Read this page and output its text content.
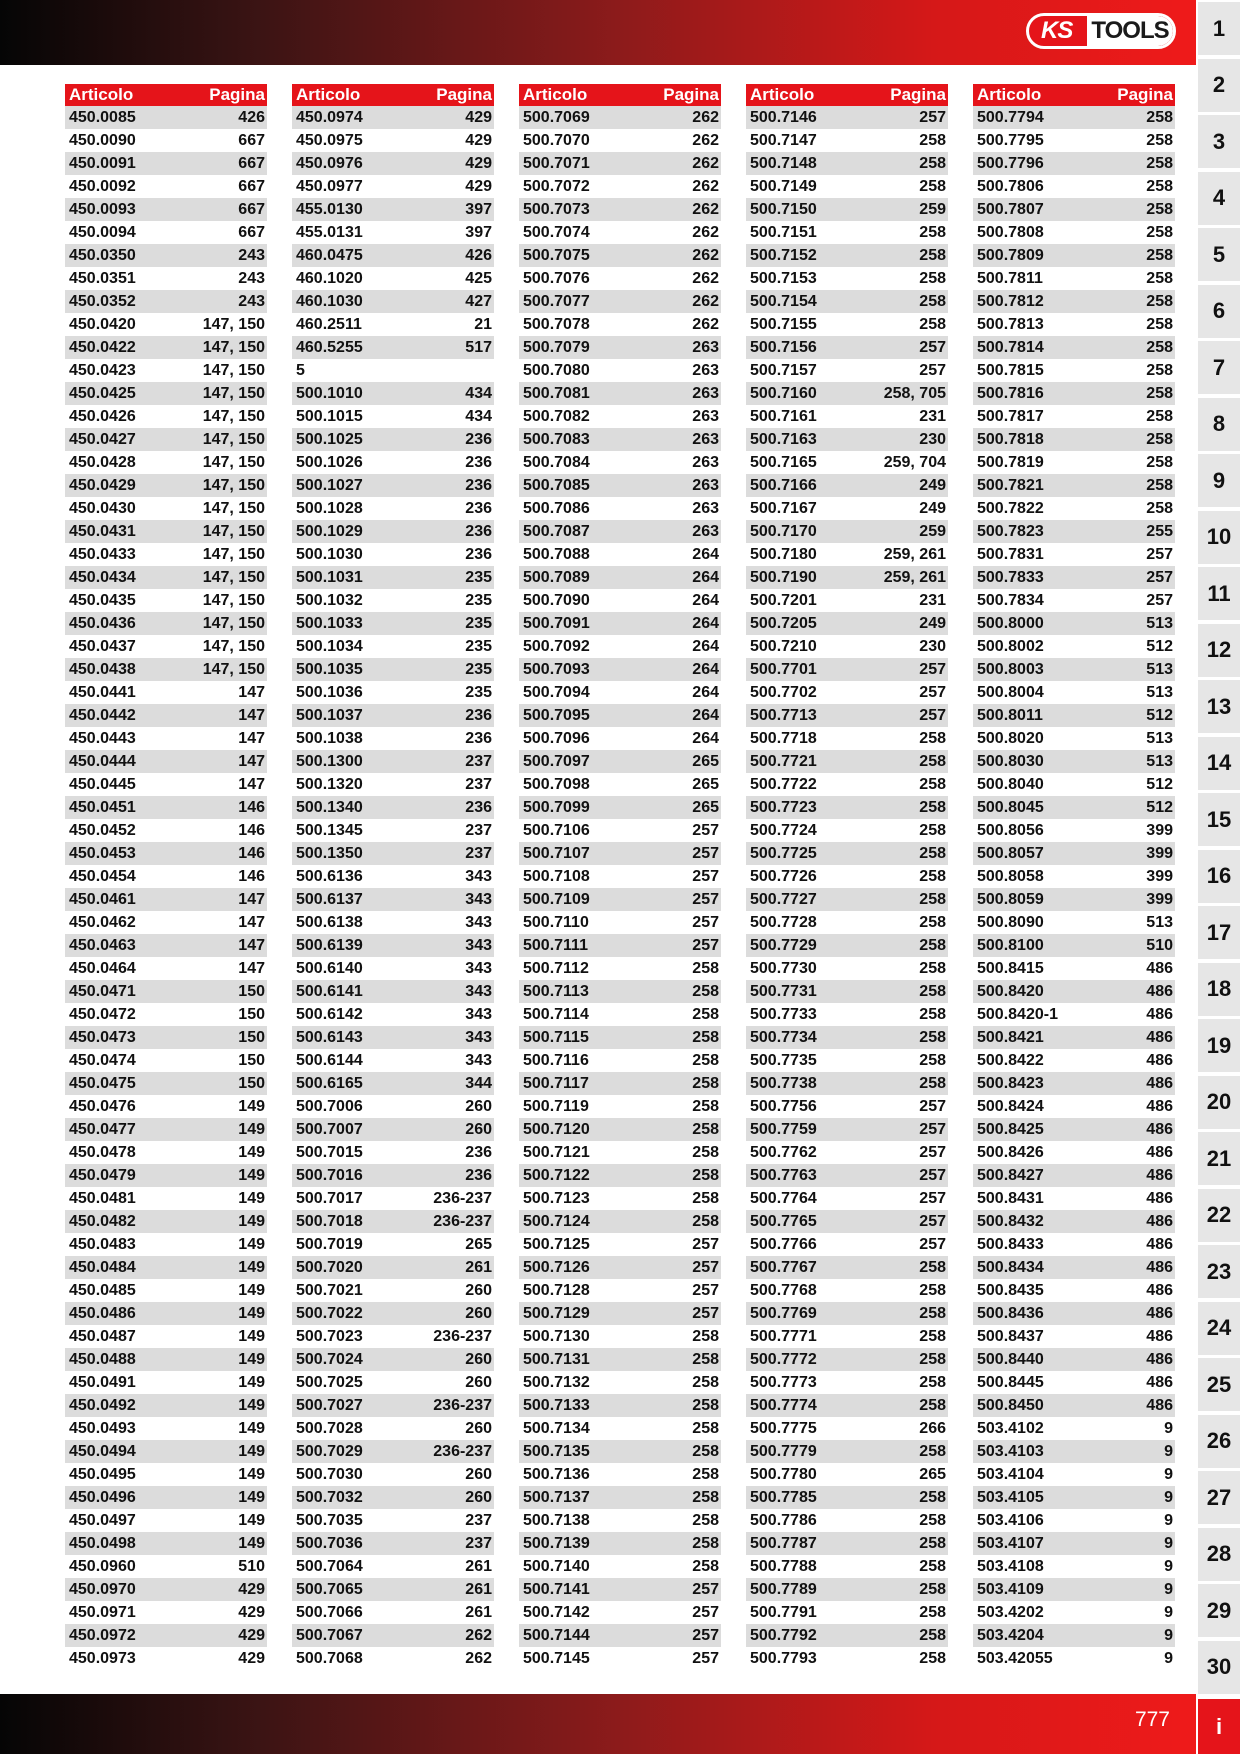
KS TOOLS
Articolo	Pagina
450.0085	426
450.0090	667
450.0091	667
450.0092	667
450.0093	667
450.0094	667
450.0350	243
450.0351	243
450.0352	243
450.0420	147, 150
450.0422	147, 150
450.0423	147, 150
450.0425	147, 150
450.0426	147, 150
450.0427	147, 150
450.0428	147, 150
450.0429	147, 150
450.0430	147, 150
450.0431	147, 150
450.0433	147, 150
450.0434	147, 150
450.0435	147, 150
450.0436	147, 150
450.0437	147, 150
450.0438	147, 150
450.0441	147
450.0442	147
450.0443	147
450.0444	147
450.0445	147
450.0451	146
450.0452	146
450.0453	146
450.0454	146
450.0461	147
450.0462	147
450.0463	147
450.0464	147
450.0471	150
450.0472	150
450.0473	150
450.0474	150
450.0475	150
450.0476	149
450.0477	149
450.0478	149
450.0479	149
450.0481	149
450.0482	149
450.0483	149
450.0484	149
450.0485	149
450.0486	149
450.0487	149
450.0488	149
450.0491	149
450.0492	149
450.0493	149
450.0494	149
450.0495	149
450.0496	149
450.0497	149
450.0498	149
450.0960	510
450.0970	429
450.0971	429
450.0972	429
450.0973	429
Articolo	Pagina
450.0974	429
450.0975	429
450.0976	429
450.0977	429
455.0130	397
455.0131	397
460.0475	426
460.1020	425
460.1030	427
460.2511	21
460.5255	517
5
500.1010	434
500.1015	434
500.1025	236
500.1026	236
500.1027	236
500.1028	236
500.1029	236
500.1030	236
500.1031	235
500.1032	235
500.1033	235
500.1034	235
500.1035	235
500.1036	235
500.1037	236
500.1038	236
500.1300	237
500.1320	237
500.1340	236
500.1345	237
500.1350	237
500.6136	343
500.6137	343
500.6138	343
500.6139	343
500.6140	343
500.6141	343
500.6142	343
500.6143	343
500.6144	343
500.6165	344
500.7006	260
500.7007	260
500.7015	236
500.7016	236
500.7017	236-237
500.7018	236-237
500.7019	265
500.7020	261
500.7021	260
500.7022	260
500.7023	236-237
500.7024	260
500.7025	260
500.7027	236-237
500.7028	260
500.7029	236-237
500.7030	260
500.7032	260
500.7035	237
500.7036	237
500.7064	261
500.7065	261
500.7066	261
500.7067	262
500.7068	262
Articolo	Pagina
500.7069	262
500.7070	262
500.7071	262
500.7072	262
500.7073	262
500.7074	262
500.7075	262
500.7076	262
500.7077	262
500.7078	262
500.7079	263
500.7080	263
500.7081	263
500.7082	263
500.7083	263
500.7084	263
500.7085	263
500.7086	263
500.7087	263
500.7088	264
500.7089	264
500.7090	264
500.7091	264
500.7092	264
500.7093	264
500.7094	264
500.7095	264
500.7096	264
500.7097	265
500.7098	265
500.7099	265
500.7106	257
500.7107	257
500.7108	257
500.7109	257
500.7110	257
500.7111	257
500.7112	258
500.7113	258
500.7114	258
500.7115	258
500.7116	258
500.7117	258
500.7119	258
500.7120	258
500.7121	258
500.7122	258
500.7123	258
500.7124	258
500.7125	257
500.7126	257
500.7128	257
500.7129	257
500.7130	258
500.7131	258
500.7132	258
500.7133	258
500.7134	258
500.7135	258
500.7136	258
500.7137	258
500.7138	258
500.7139	258
500.7140	258
500.7141	257
500.7142	257
500.7144	257
500.7145	257
Articolo	Pagina
500.7146	257
500.7147	258
500.7148	258
500.7149	258
500.7150	259
500.7151	258
500.7152	258
500.7153	258
500.7154	258
500.7155	258
500.7156	257
500.7157	257
500.7160	258, 705
500.7161	231
500.7163	230
500.7165	259, 704
500.7166	249
500.7167	249
500.7170	259
500.7180	259, 261
500.7190	259, 261
500.7201	231
500.7205	249
500.7210	230
500.7701	257
500.7702	257
500.7713	257
500.7718	258
500.7721	258
500.7722	258
500.7723	258
500.7724	258
500.7725	258
500.7726	258
500.7727	258
500.7728	258
500.7729	258
500.7730	258
500.7731	258
500.7733	258
500.7734	258
500.7735	258
500.7738	258
500.7756	257
500.7759	257
500.7762	257
500.7763	257
500.7764	257
500.7765	257
500.7766	257
500.7767	258
500.7768	258
500.7769	258
500.7771	258
500.7772	258
500.7773	258
500.7774	258
500.7775	266
500.7779	258
500.7780	265
500.7785	258
500.7786	258
500.7787	258
500.7788	258
500.7789	258
500.7791	258
500.7792	258
500.7793	258
Articolo	Pagina
500.7794	258
500.7795	258
500.7796	258
500.7806	258
500.7807	258
500.7808	258
500.7809	258
500.7811	258
500.7812	258
500.7813	258
500.7814	258
500.7815	258
500.7816	258
500.7817	258
500.7818	258
500.7819	258
500.7821	258
500.7822	258
500.7823	255
500.7831	257
500.7833	257
500.7834	257
500.8000	513
500.8002	512
500.8003	513
500.8004	513
500.8011	512
500.8020	513
500.8030	513
500.8040	512
500.8045	512
500.8056	399
500.8057	399
500.8058	399
500.8059	399
500.8090	513
500.8100	510
500.8415	486
500.8420	486
500.8420-1	486
500.8421	486
500.8422	486
500.8423	486
500.8424	486
500.8425	486
500.8426	486
500.8427	486
500.8431	486
500.8432	486
500.8433	486
500.8434	486
500.8435	486
500.8436	486
500.8437	486
500.8440	486
500.8445	486
500.8450	486
503.4102	9
503.4103	9
503.4104	9
503.4105	9
503.4106	9
503.4107	9
503.4108	9
503.4109	9
503.4202	9
503.4204	9
503.42055	9
1
2
3
4
5
6
7
8
9
10
11
12
13
14
15
16
17
18
19
20
21
22
23
24
25
26
27
28
29
30
i
777
